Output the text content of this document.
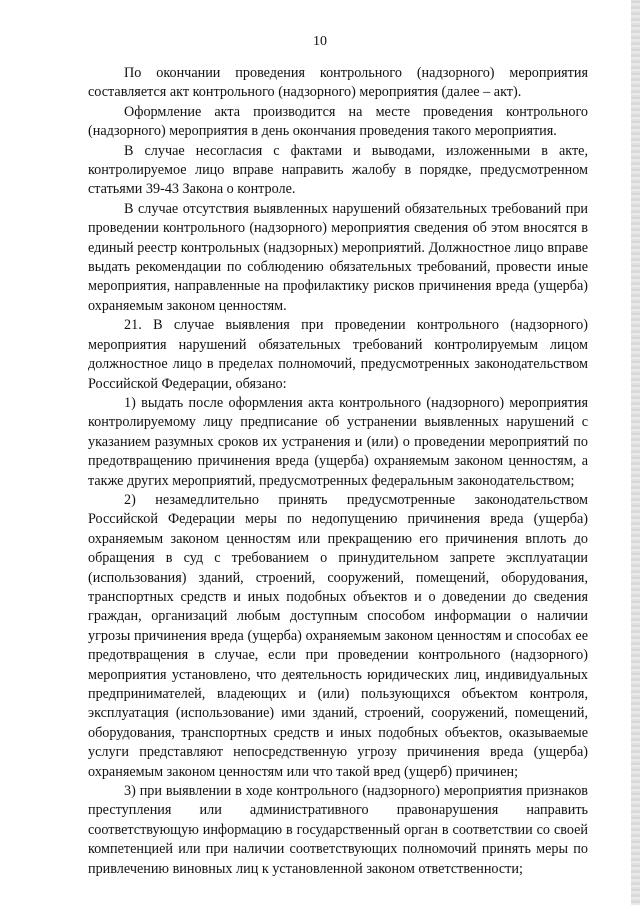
10

По окончании проведения контрольного (надзорного) мероприятия составляется акт контрольного (надзорного) мероприятия (далее – акт).

Оформление акта производится на месте проведения контрольного (надзорного) мероприятия в день окончания проведения такого мероприятия.

В случае несогласия с фактами и выводами, изложенными в акте, контролируемое лицо вправе направить жалобу в порядке, предусмотренном статьями 39-43 Закона о контроле.

В случае отсутствия выявленных нарушений обязательных требований при проведении контрольного (надзорного) мероприятия сведения об этом вносятся в единый реестр контрольных (надзорных) мероприятий. Должностное лицо вправе выдать рекомендации по соблюдению обязательных требований, провести иные мероприятия, направленные на профилактику рисков причинения вреда (ущерба) охраняемым законом ценностям.

21. В случае выявления при проведении контрольного (надзорного) мероприятия нарушений обязательных требований контролируемым лицом должностное лицо в пределах полномочий, предусмотренных законодательством Российской Федерации, обязано:

1) выдать после оформления акта контрольного (надзорного) мероприятия контролируемому лицу предписание об устранении выявленных нарушений с указанием разумных сроков их устранения и (или) о проведении мероприятий по предотвращению причинения вреда (ущерба) охраняемым законом ценностям, а также других мероприятий, предусмотренных федеральным законодательством;

2) незамедлительно принять предусмотренные законодательством Российской Федерации меры по недопущению причинения вреда (ущерба) охраняемым законом ценностям или прекращению его причинения вплоть до обращения в суд с требованием о принудительном запрете эксплуатации (использования) зданий, строений, сооружений, помещений, оборудования, транспортных средств и иных подобных объектов и о доведении до сведения граждан, организаций любым доступным способом информации о наличии угрозы причинения вреда (ущерба) охраняемым законом ценностям и способах ее предотвращения в случае, если при проведении контрольного (надзорного) мероприятия установлено, что деятельность юридических лиц, индивидуальных предпринимателей, владеющих и (или) пользующихся объектом контроля, эксплуатация (использование) ими зданий, строений, сооружений, помещений, оборудования, транспортных средств и иных подобных объектов, оказываемые услуги представляют непосредственную угрозу причинения вреда (ущерба) охраняемым законом ценностям или что такой вред (ущерб) причинен;

3) при выявлении в ходе контрольного (надзорного) мероприятия признаков преступления или административного правонарушения направить соответствующую информацию в государственный орган в соответствии со своей компетенцией или при наличии соответствующих полномочий принять меры по привлечению виновных лиц к установленной законом ответственности;
